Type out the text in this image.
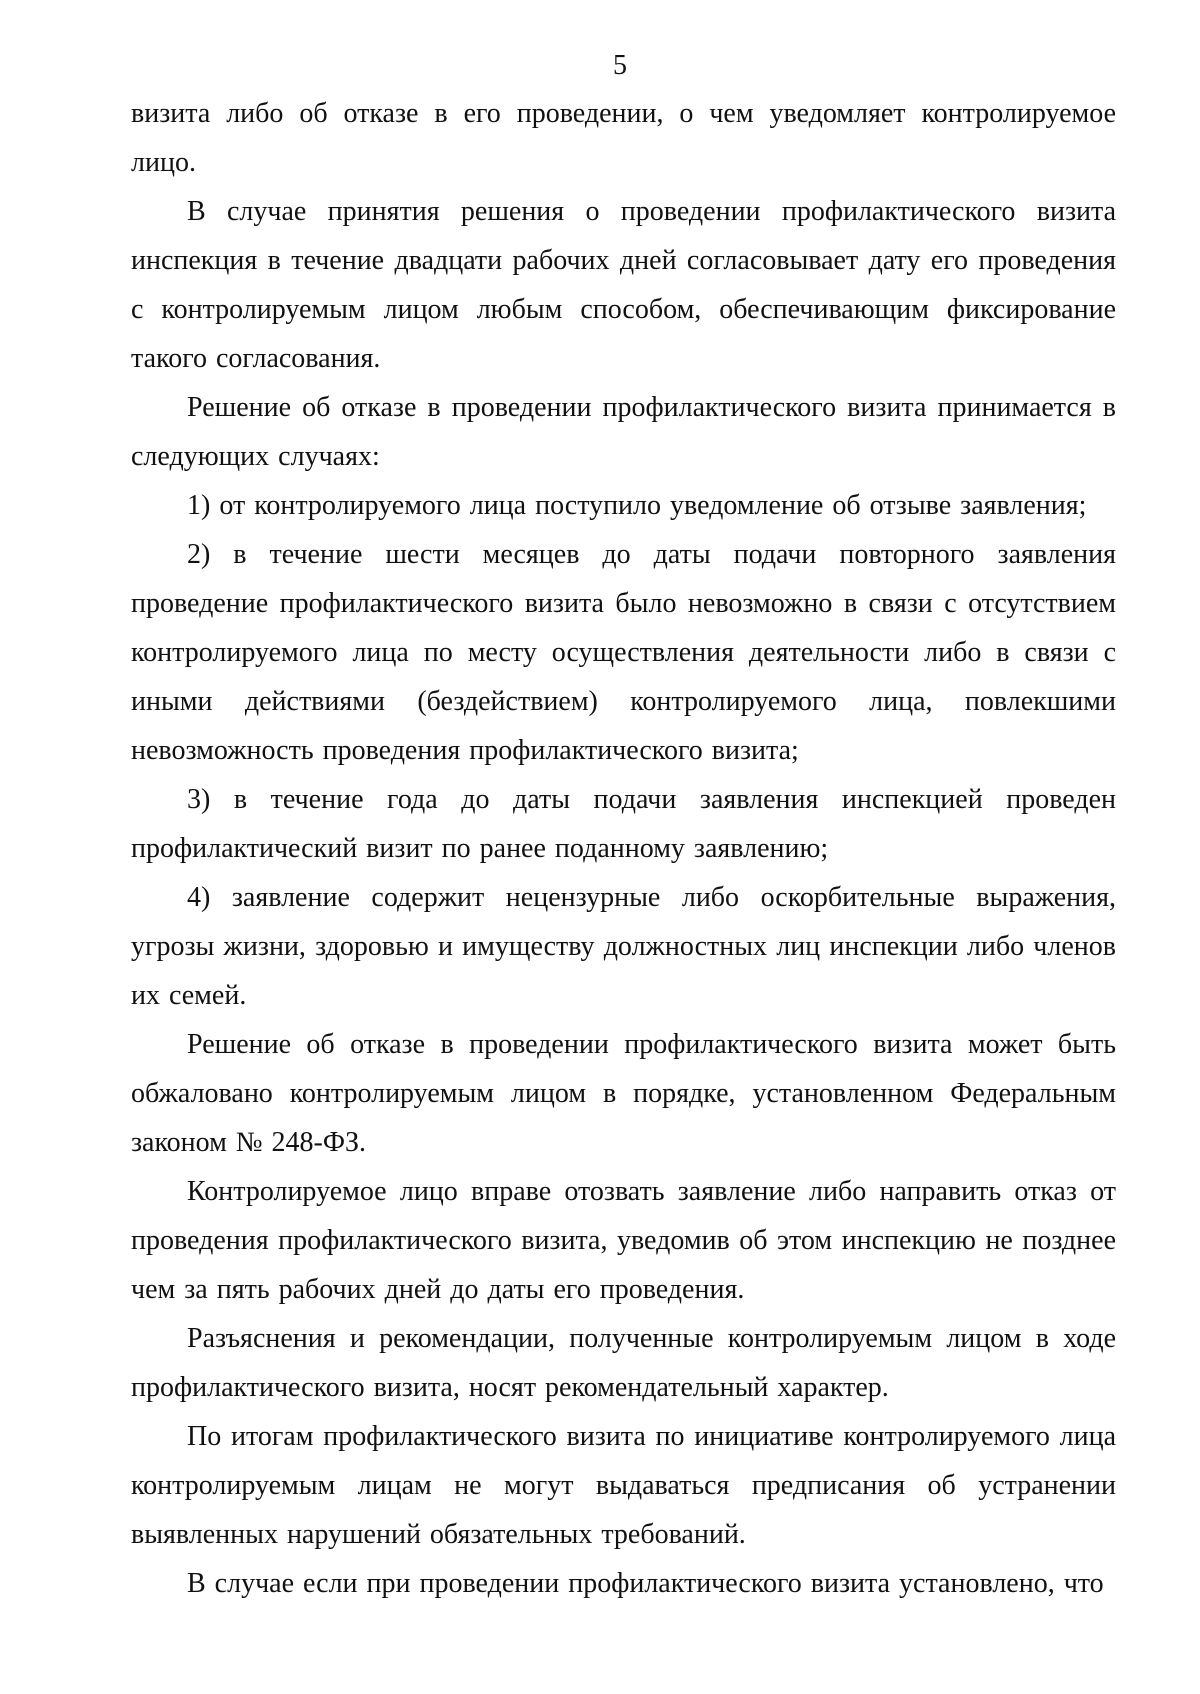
5

визита либо об отказе в его проведении, о чем уведомляет контролируемое лицо.

В случае принятия решения о проведении профилактического визита инспекция в течение двадцати рабочих дней согласовывает дату его проведения с контролируемым лицом любым способом, обеспечивающим фиксирование такого согласования.

Решение об отказе в проведении профилактического визита принимается в следующих случаях:

1) от контролируемого лица поступило уведомление об отзыве заявления;

2) в течение шести месяцев до даты подачи повторного заявления проведение профилактического визита было невозможно в связи с отсутствием контролируемого лица по месту осуществления деятельности либо в связи с иными действиями (бездействием) контролируемого лица, повлекшими невозможность проведения профилактического визита;

3) в течение года до даты подачи заявления инспекцией проведен профилактический визит по ранее поданному заявлению;

4) заявление содержит нецензурные либо оскорбительные выражения, угрозы жизни, здоровью и имуществу должностных лиц инспекции либо членов их семей.

Решение об отказе в проведении профилактического визита может быть обжаловано контролируемым лицом в порядке, установленном Федеральным законом № 248-ФЗ.

Контролируемое лицо вправе отозвать заявление либо направить отказ от проведения профилактического визита, уведомив об этом инспекцию не позднее чем за пять рабочих дней до даты его проведения.

Разъяснения и рекомендации, полученные контролируемым лицом в ходе профилактического визита, носят рекомендательный характер.

По итогам профилактического визита по инициативе контролируемого лица контролируемым лицам не могут выдаваться предписания об устранении выявленных нарушений обязательных требований.

В случае если при проведении профилактического визита установлено, что
